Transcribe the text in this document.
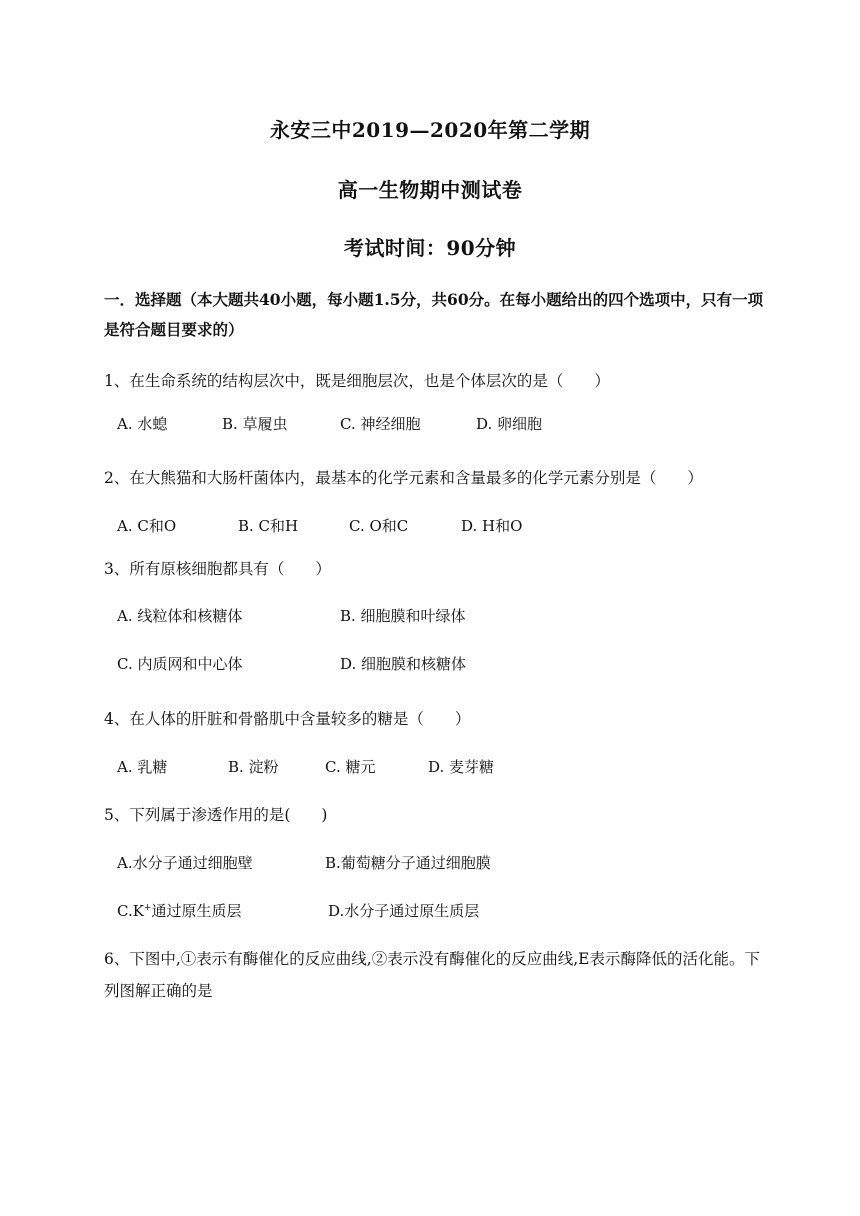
永安三中2019—2020年第二学期
高一生物期中测试卷
考试时间：90分钟
一．选择题（本大题共40小题，每小题1.5分，共60分。在每小题给出的四个选项中，只有一项是符合题目要求的）
1、在生命系统的结构层次中，既是细胞层次，也是个体层次的是（　　）
A. 水螅	B. 草履虫	C. 神经细胞	D. 卵细胞
2、在大熊猫和大肠杆菌体内，最基本的化学元素和含量最多的化学元素分别是（　　）
A. C和O	B. C和H	C. O和C	D. H和O
3、所有原核细胞都具有（　　）
A. 线粒体和核糖体	B. 细胞膜和叶绿体
C. 内质网和中心体	D. 细胞膜和核糖体
4、在人体的肝脏和骨骼肌中含量较多的糖是（　　）
A. 乳糖	B. 淀粉	C. 糖元	D. 麦芽糖
5、下列属于渗透作用的是(　　)
A.水分子通过细胞壁	B.葡萄糖分子通过细胞膜
C.K+通过原生质层	D.水分子通过原生质层
6、下图中,①表示有酶催化的反应曲线,②表示没有酶催化的反应曲线,E表示酶降低的活化能。下列图解正确的是
